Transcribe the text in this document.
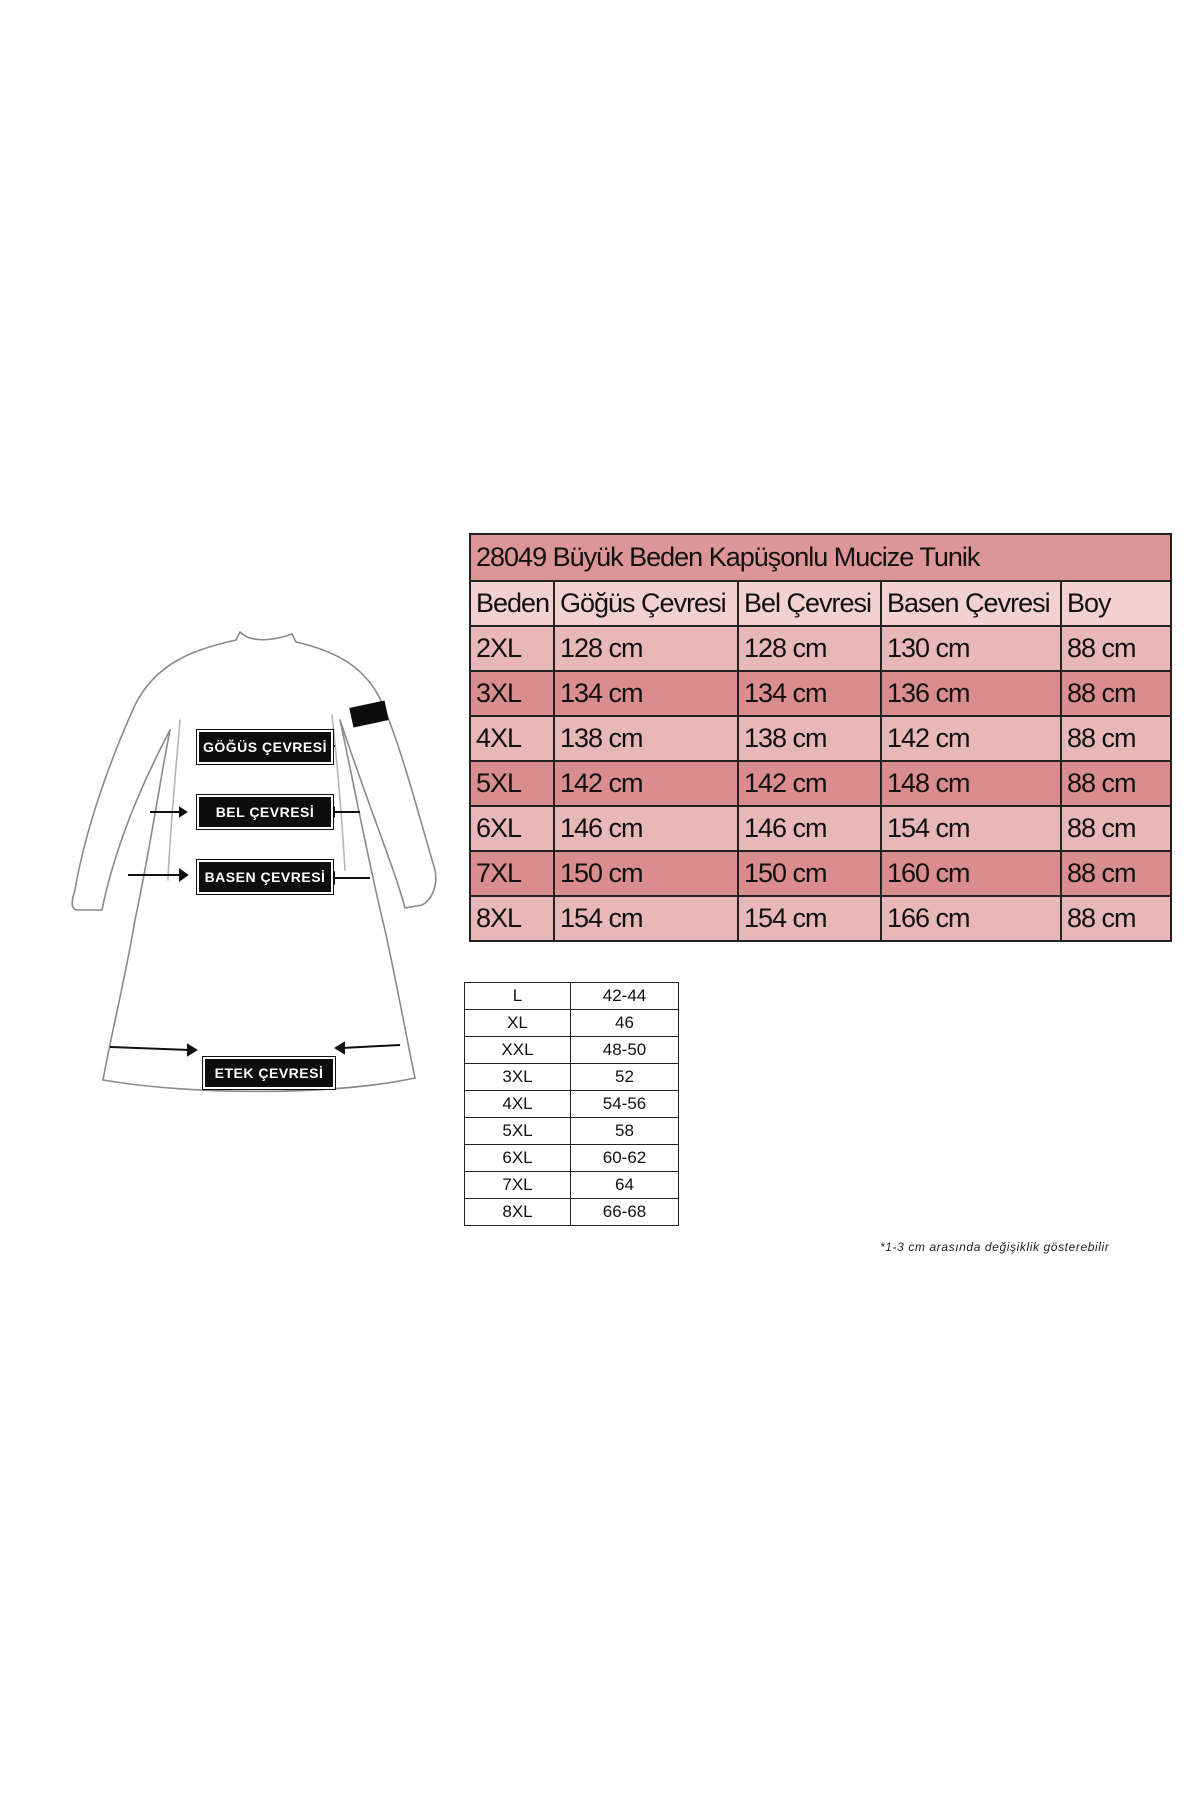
GÖĞÜS ÇEVRESİ
BEL ÇEVRESİ
BASEN ÇEVRESİ
ETEK ÇEVRESİ
28049 Büyük Beden Kapüşonlu Mucize Tunik				
Beden	Göğüs Çevresi	Bel Çevresi	Basen Çevresi	Boy
2XL	128 cm	128 cm	130 cm	88 cm
3XL	134 cm	134 cm	136 cm	88 cm
4XL	138 cm	138 cm	142 cm	88 cm
5XL	142 cm	142 cm	148 cm	88 cm
6XL	146 cm	146 cm	154 cm	88 cm
7XL	150 cm	150 cm	160 cm	88 cm
8XL	154 cm	154 cm	166 cm	88 cm
L	42-44
XL	46
XXL	48-50
3XL	52
4XL	54-56
5XL	58
6XL	60-62
7XL	64
8XL	66-68
*1-3 cm arasında değişiklik gösterebilir
